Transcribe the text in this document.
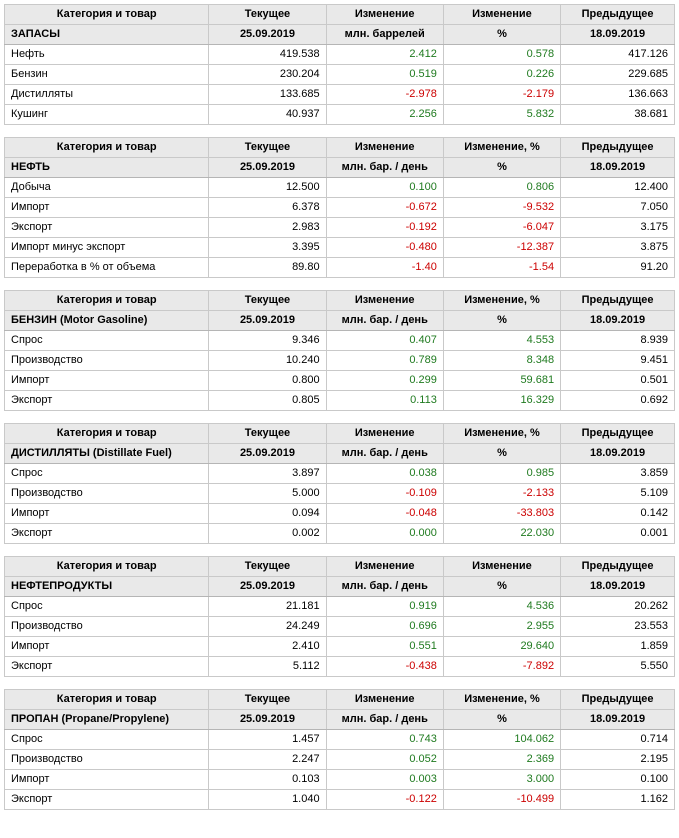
Категория и товар	Текущее	Изменение	Изменение	Предыдущее
ЗАПАСЫ	25.09.2019	млн. баррелей	%	18.09.2019
Нефть	419.538	2.412	0.578	417.126
Бензин	230.204	0.519	0.226	229.685
Дистилляты	133.685	-2.978	-2.179	136.663
Кушинг	40.937	2.256	5.832	38.681
Категория и товар	Текущее	Изменение	Изменение, %	Предыдущее
НЕФТЬ	25.09.2019	млн. бар. / день	%	18.09.2019
Добыча	12.500	0.100	0.806	12.400
Импорт	6.378	-0.672	-9.532	7.050
Экспорт	2.983	-0.192	-6.047	3.175
Импорт минус экспорт	3.395	-0.480	-12.387	3.875
Переработка в % от объема	89.80	-1.40	-1.54	91.20
Категория и товар	Текущее	Изменение	Изменение, %	Предыдущее
БЕНЗИН (Motor Gasoline)	25.09.2019	млн. бар. / день	%	18.09.2019
Спрос	9.346	0.407	4.553	8.939
Производство	10.240	0.789	8.348	9.451
Импорт	0.800	0.299	59.681	0.501
Экспорт	0.805	0.113	16.329	0.692
Категория и товар	Текущее	Изменение	Изменение, %	Предыдущее
ДИСТИЛЛЯТЫ (Distillate Fuel)	25.09.2019	млн. бар. / день	%	18.09.2019
Спрос	3.897	0.038	0.985	3.859
Производство	5.000	-0.109	-2.133	5.109
Импорт	0.094	-0.048	-33.803	0.142
Экспорт	0.002	0.000	22.030	0.001
Категория и товар	Текущее	Изменение	Изменение	Предыдущее
НЕФТЕПРОДУКТЫ	25.09.2019	млн. бар. / день	%	18.09.2019
Спрос	21.181	0.919	4.536	20.262
Производство	24.249	0.696	2.955	23.553
Импорт	2.410	0.551	29.640	1.859
Экспорт	5.112	-0.438	-7.892	5.550
Категория и товар	Текущее	Изменение	Изменение, %	Предыдущее
ПРОПАН (Propane/Propylene)	25.09.2019	млн. бар. / день	%	18.09.2019
Спрос	1.457	0.743	104.062	0.714
Производство	2.247	0.052	2.369	2.195
Импорт	0.103	0.003	3.000	0.100
Экспорт	1.040	-0.122	-10.499	1.162
